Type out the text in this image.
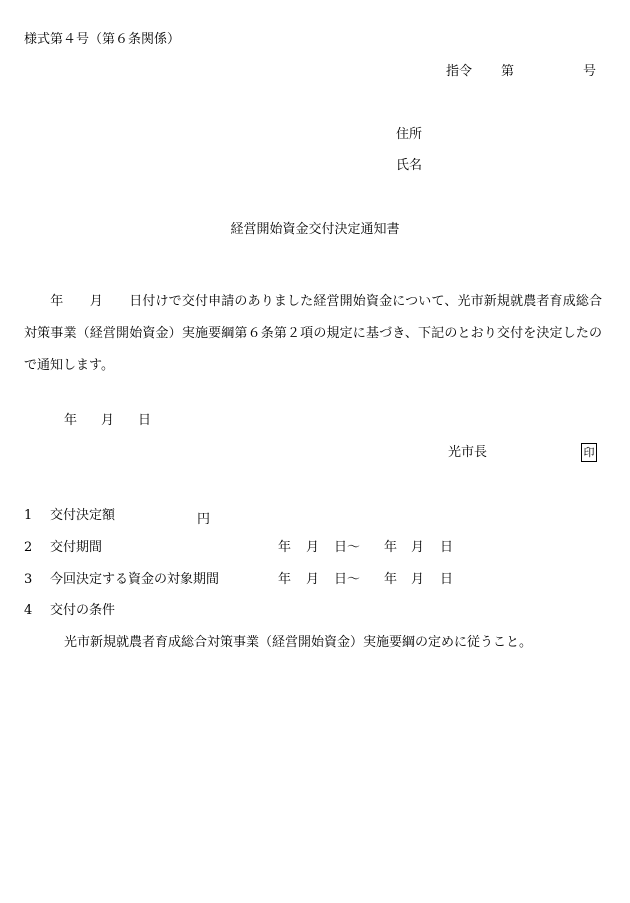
様式第４号（第６条関係）
指令 第	号
住所
氏名
経営開始資金交付決定通知書

　　年　　月　　日付けで交付申請のありました経営開始資金について、光市新規就農者育成総合対策事業（経営開始資金）実施要綱第６条第２項の規定に基づき、下記のとおり交付を決定したので通知します。

年 月 日
光市長	印
1 交付決定額	円
2 交付期間	年 月 日～ 年 月 日
3 今回決定する資金の対象期間	年 月 日～ 年 月 日
4 交付の条件
光市新規就農者育成総合対策事業（経営開始資金）実施要綱の定めに従うこと。
